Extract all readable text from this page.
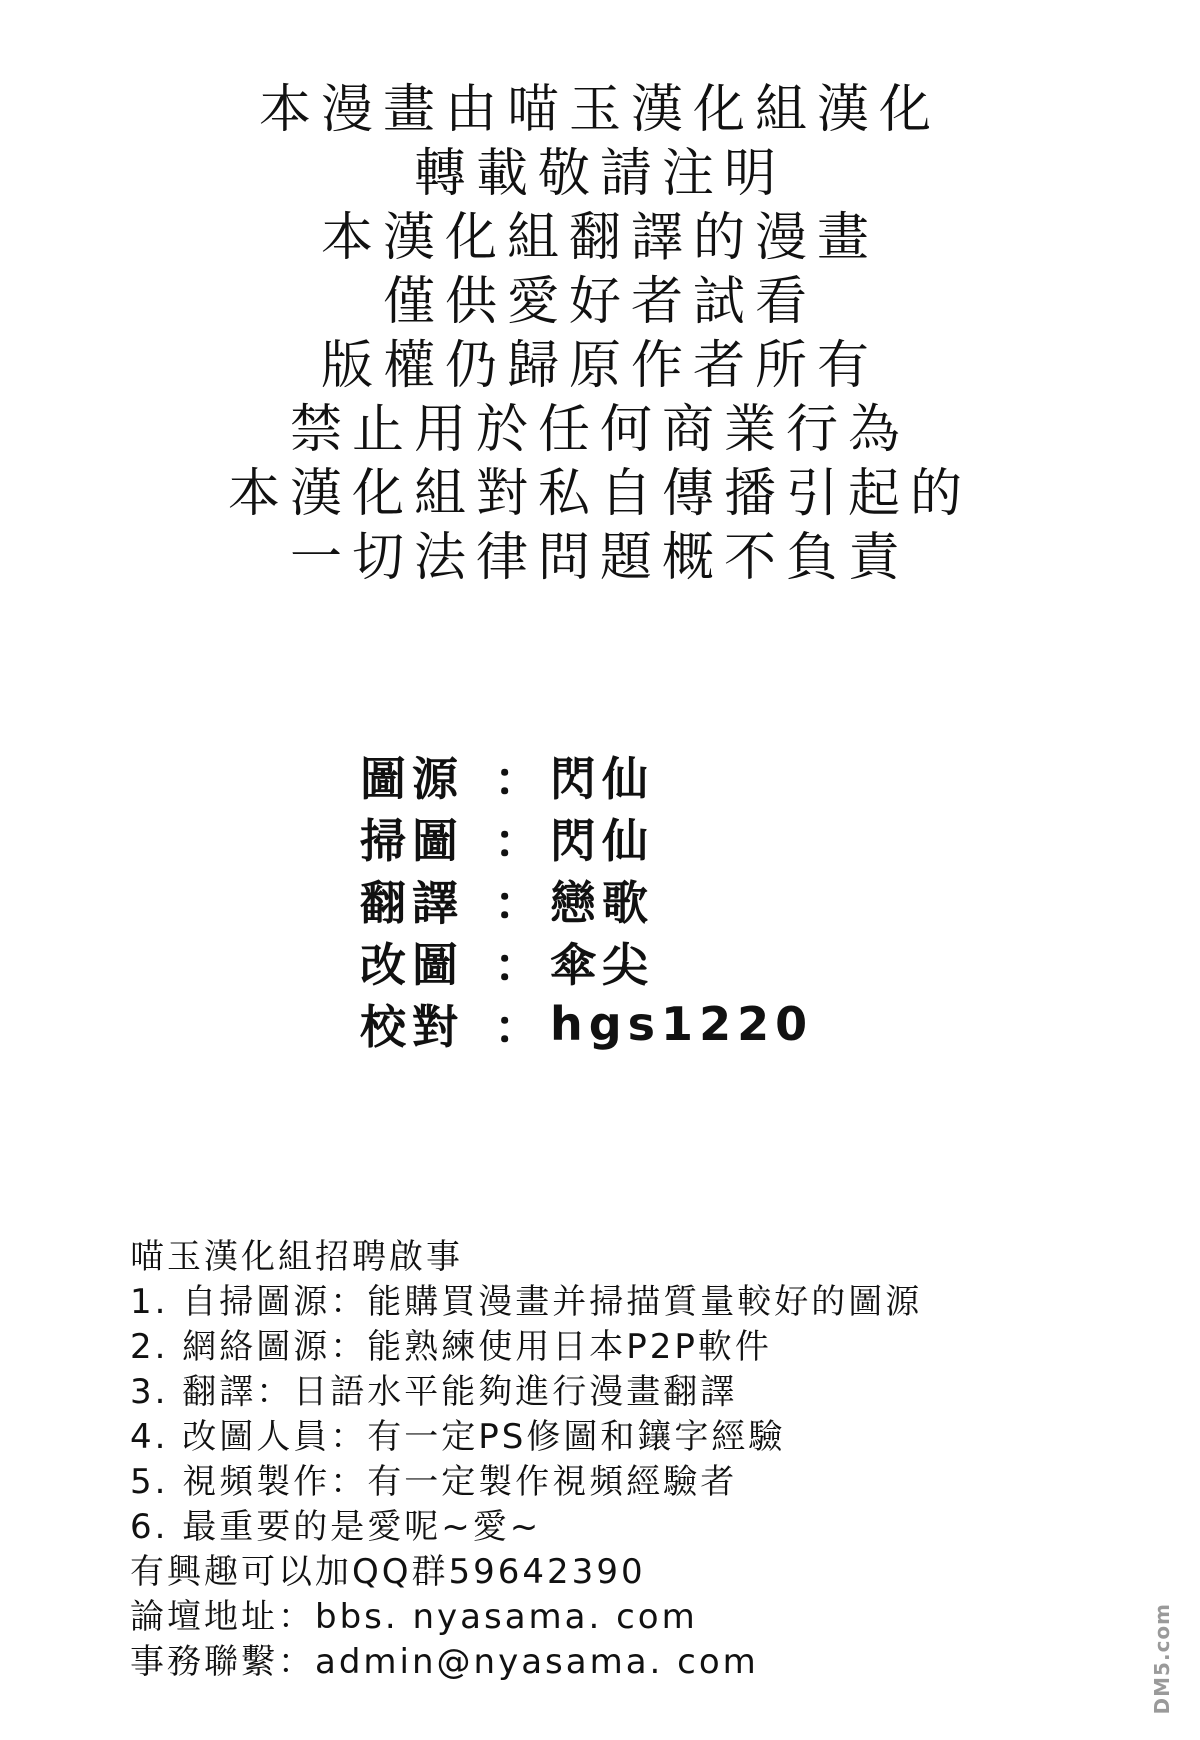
本漫畫由喵玉漢化組漢化
轉載敬請注明
本漢化組翻譯的漫畫
僅供愛好者試看
版權仍歸原作者所有
禁止用於任何商業行為
本漢化組對私自傳播引起的
一切法律問題概不負責
圖源 ： 閃仙
掃圖 ： 閃仙
翻譯 ： 戀歌
改圖 ： 傘尖
校對 ： hgs1220
喵玉漢化組招聘啟事
1. 自掃圖源：能購買漫畫并掃描質量較好的圖源
2. 網絡圖源：能熟練使用日本P2P軟件
3. 翻譯：日語水平能夠進行漫畫翻譯
4. 改圖人員：有一定PS修圖和鑲字經驗
5. 視頻製作：有一定製作視頻經驗者
6. 最重要的是愛呢~愛~
有興趣可以加QQ群59642390
論壇地址：bbs. nyasama. com
事務聯繫：admin@nyasama. com	DM5.com
